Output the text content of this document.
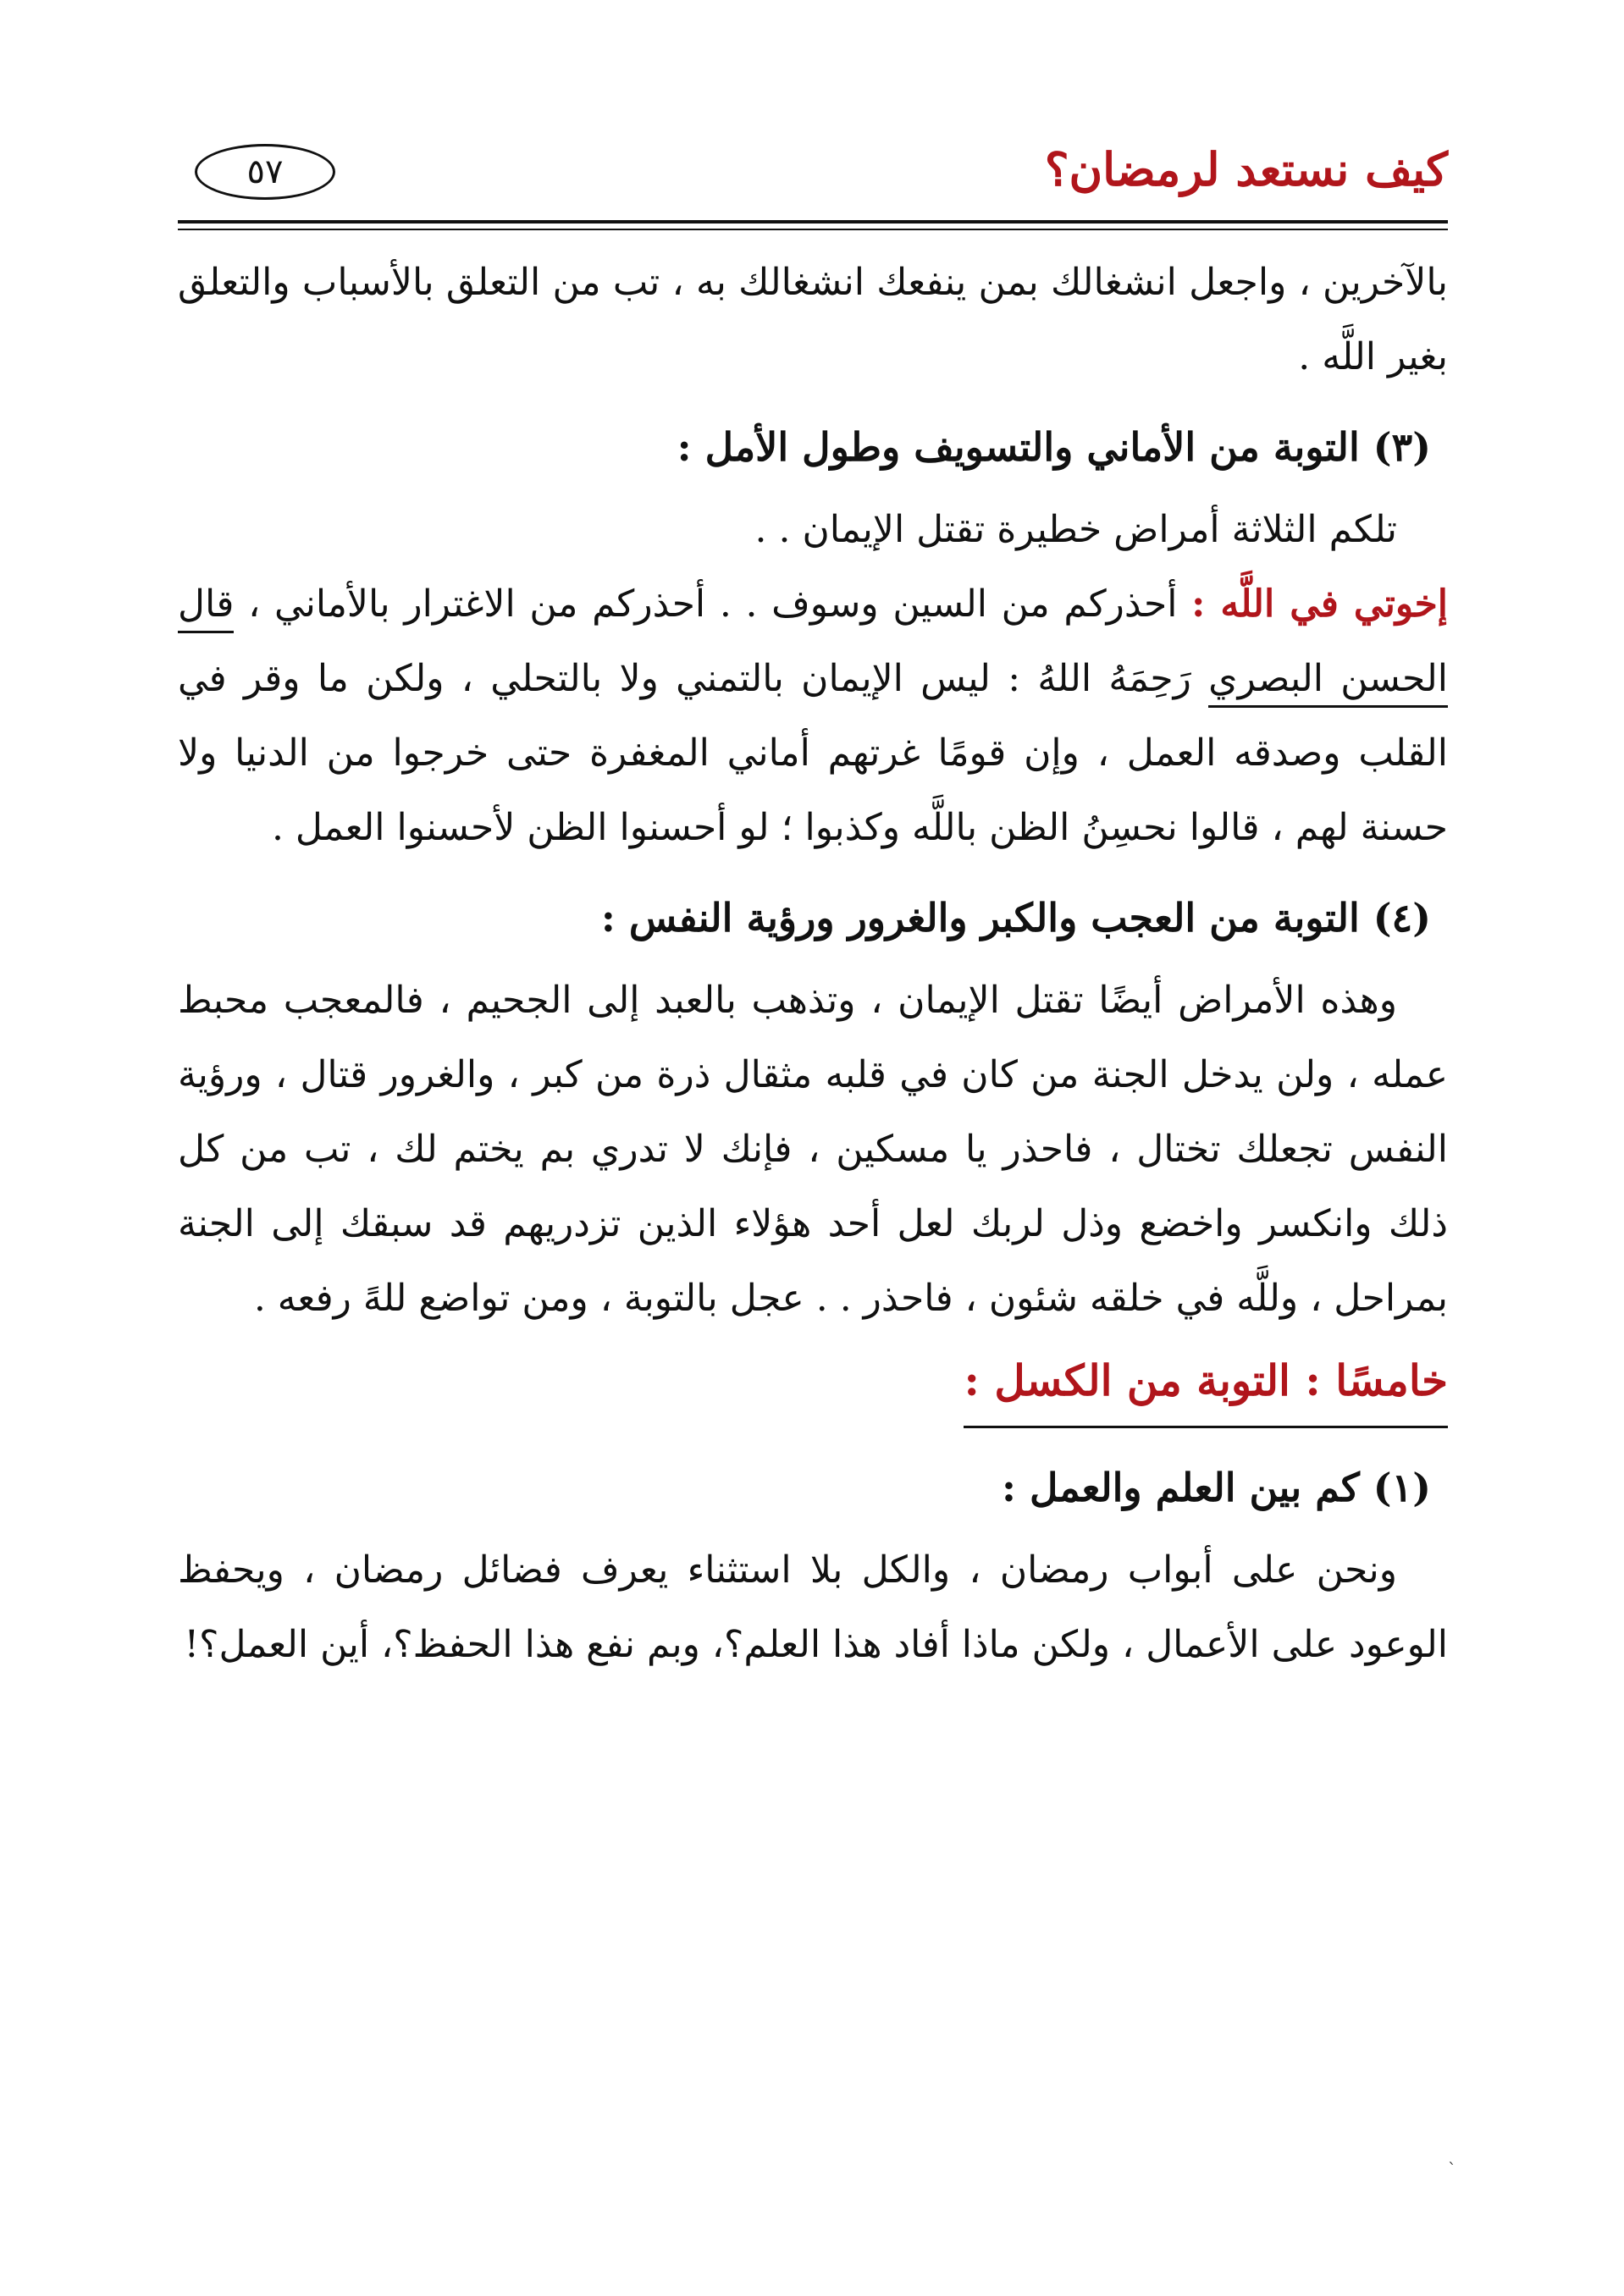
كيف نستعد لرمضان؟
٥٧

بالآخرين ، واجعل انشغالك بمن ينفعك انشغالك به ، تب من التعلق بالأسباب والتعلق بغير اللَّه .

(٣) التوبة من الأماني والتسويف وطول الأمل :

تلكم الثلاثة أمراض خطيرة تقتل الإيمان . .

إخوتي في اللَّه : أحذركم من السين وسوف . . أحذركم من الاغترار بالأماني ، قال الحسن البصري رَحِمَهُ اللهُ : ليس الإيمان بالتمني ولا بالتحلي ، ولكن ما وقر في القلب وصدقه العمل ، وإن قومًا غرتهم أماني المغفرة حتى خرجوا من الدنيا ولا حسنة لهم ، قالوا نحسِنُ الظن باللَّه وكذبوا ؛ لو أحسنوا الظن لأحسنوا العمل .

(٤) التوبة من العجب والكبر والغرور ورؤية النفس :

وهذه الأمراض أيضًا تقتل الإيمان ، وتذهب بالعبد إلى الجحيم ، فالمعجب محبط عمله ، ولن يدخل الجنة من كان في قلبه مثقال ذرة من كبر ، والغرور قتال ، ورؤية النفس تجعلك تختال ، فاحذر يا مسكين ، فإنك لا تدري بم يختم لك ، تب من كل ذلك وانكسر واخضع وذل لربك لعل أحد هؤلاء الذين تزدريهم قد سبقك إلى الجنة بمراحل ، وللَّه في خلقه شئون ، فاحذر . . عجل بالتوبة ، ومن تواضع للهً رفعه .

خامسًا : التوبة من الكسل :
(١) كم بين العلم والعمل :

ونحن على أبواب رمضان ، والكل بلا استثناء يعرف فضائل رمضان ، ويحفظ الوعود على الأعمال ، ولكن ماذا أفاد هذا العلم؟، وبم نفع هذا الحفظ؟، أين العمل؟!

`
